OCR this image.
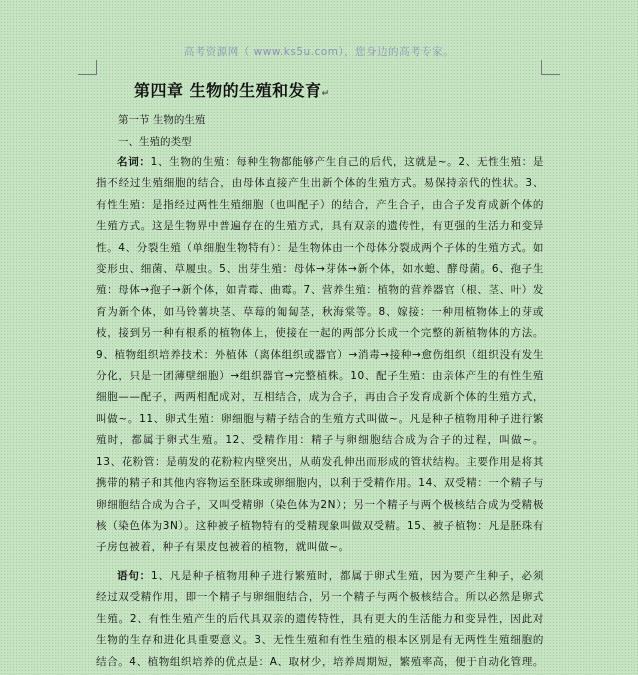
高考资源网（ www.ks5u.com），您身边的高考专家。
第四章 生物的生殖和发育↵
第一节 生物的生殖
一、生殖的类型
名词：1、生物的生殖：每种生物都能够产生自己的后代，这就是~。2、无性生殖：是指不经过生殖细胞的结合，由母体直接产生出新个体的生殖方式。易保持亲代的性状。3、有性生殖：是指经过两性生殖细胞（也叫配子）的结合，产生合子，由合子发育成新个体的生殖方式。这是生物界中普遍存在的生殖方式，具有双亲的遗传性，有更强的生活力和变异性。4、分裂生殖（单细胞生物特有）：是生物体由一个母体分裂成两个子体的生殖方式。如变形虫、细菌、草履虫。5、出芽生殖：母体→芽体→新个体，如水螅、酵母菌。6、孢子生殖：母体→孢子→新个体，如青霉、曲霉。7、营养生殖：植物的营养器官（根、茎、叶）发育为新个体，如马铃薯块茎、草莓的匍匐茎，秋海棠等。8、嫁接：一种用植物体上的芽或枝，接到另一种有根系的植物体上，使接在一起的两部分长成一个完整的新植物体的方法。9、植物组织培养技术：外植体（离体组织或器官）→消毒→接种→愈伤组织（组织没有发生分化，只是一团薄壁细胞）→组织器官→完整植株。10、配子生殖：由亲体产生的有性生殖细胞——配子，两两相配成对，互相结合，成为合子，再由合子发育成新个体的生殖方式，叫做~。11、卵式生殖：卵细胞与精子结合的生殖方式叫做~。凡是种子植物用种子进行繁殖时，都属于卵式生殖。12、受精作用：精子与卵细胞结合成为合子的过程，叫做~。13、花粉管：是萌发的花粉粒内壁突出，从萌发孔伸出而形成的管状结构。主要作用是将其携带的精子和其他内容物运至胚珠或卵细胞内，以利于受精作用。14、双受精：一个精子与卵细胞结合成为合子，又叫受精卵（染色体为2N）；另一个精子与两个极核结合成为受精极核（染色体为3N）。这种被子植物特有的受精现象叫做双受精。15、被子植物：凡是胚珠有子房包被着，种子有果皮包被着的植物，就叫做~。
语句：1、凡是种子植物用种子进行繁殖时，都属于卵式生殖，因为要产生种子，必须经过双受精作用，即一个精子与卵细胞结合，另一个精子与两个极核结合。所以必然是卵式生殖。2、有性生殖产生的后代具双亲的遗传特性，具有更大的生活能力和变异性，因此对生物的生存和进化具重要意义。3、无性生殖和有性生殖的根本区别是有无两性生殖细胞的结合。4、植物组织培养的优点是：A、取材少，培养周期短，繁殖率高，便于自动化管理。
